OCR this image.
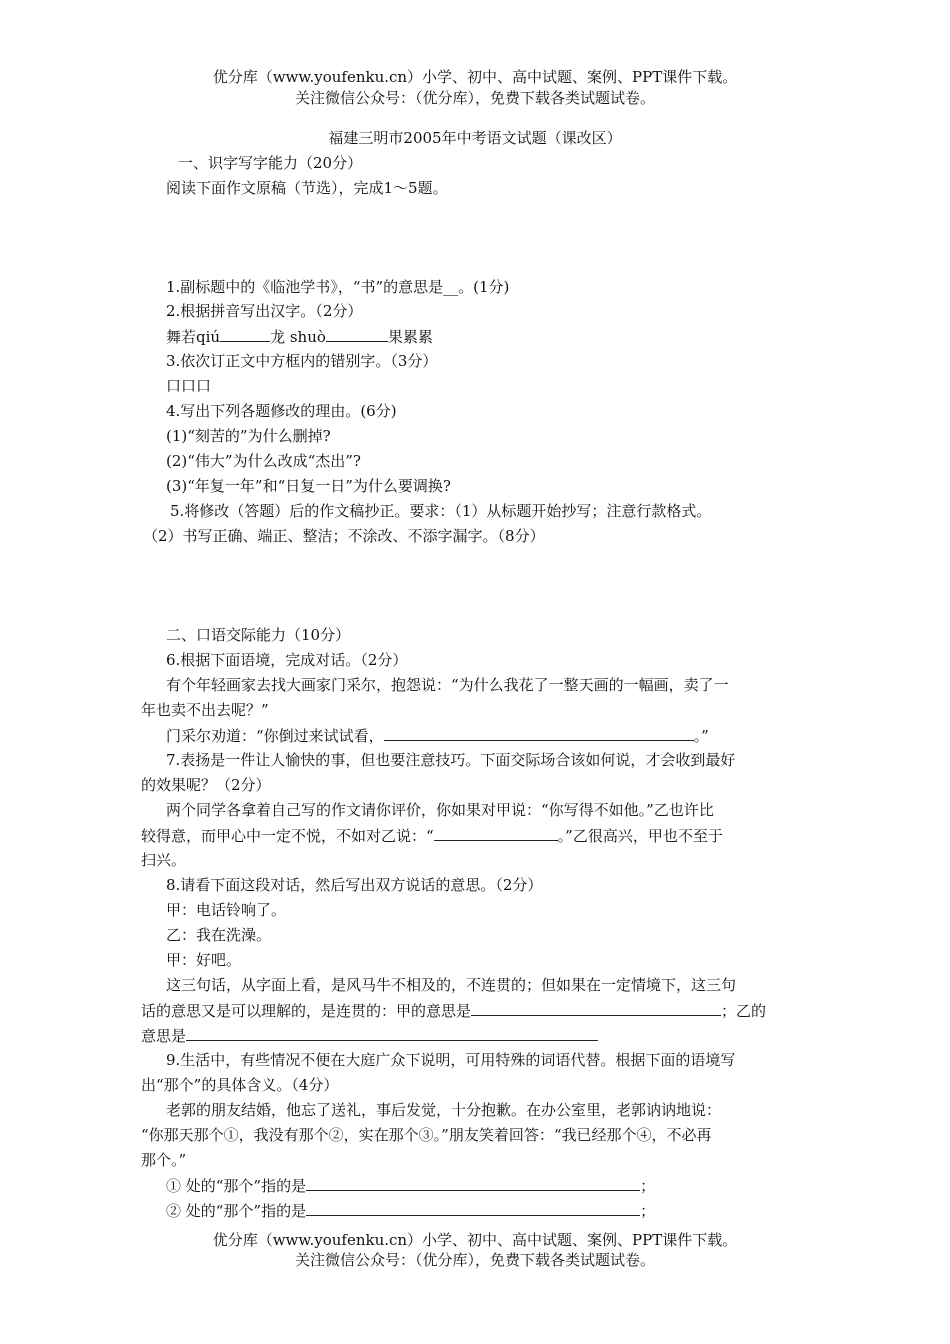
优分库（www.youfenku.cn）小学、初中、高中试题、案例、PPT课件下载。
关注微信公众号：（优分库），免费下载各类试题试卷。
福建三明市2005年中考语文试题（课改区）
一、识字写字能力（20分）
阅读下面作文原稿（节选），完成1～5题。
1.副标题中的《临池学书》，“书”的意思是__。(1分)
2.根据拼音写出汉字。（2分）
舞若qiú	龙 shuò	果累累
3.依次订正文中方框内的错别字。（3分）
口口口
4.写出下列各题修改的理由。(6分)
(1)“刻苦的”为什么删掉?
(2)“伟大”为什么改成“杰出”?
(3)“年复一年”和“日复一日”为什么要调换?
5.将修改（答题）后的作文稿抄正。要求：（1）从标题开始抄写；注意行款格式。
（2）书写正确、端正、整洁；不涂改、不添字漏字。（8分）
二、口语交际能力（10分）
6.根据下面语境，完成对话。（2分）
有个年轻画家去找大画家门采尔，抱怨说：“为什么我花了一整天画的一幅画，卖了一
年也卖不出去呢？”
门采尔劝道：“你倒过来试试看，	。”
7.表扬是一件让人愉快的事，但也要注意技巧。下面交际场合该如何说，才会收到最好
的效果呢？（2分）
两个同学各拿着自己写的作文请你评价，你如果对甲说：“你写得不如他。”乙也许比
较得意，而甲心中一定不悦，不如对乙说：“	。”乙很高兴，甲也不至于
扫兴。
8.请看下面这段对话，然后写出双方说话的意思。（2分）
甲：电话铃响了。
乙：我在洗澡。
甲：好吧。
这三句话，从字面上看，是风马牛不相及的，不连贯的；但如果在一定情境下，这三句
话的意思又是可以理解的，是连贯的：甲的意思是	；乙的
意思是
9.生活中，有些情况不便在大庭广众下说明，可用特殊的词语代替。根据下面的语境写
出“那个”的具体含义。（4分）
老郭的朋友结婚，他忘了送礼，事后发觉，十分抱歉。在办公室里，老郭讷讷地说：
“你那天那个①，我没有那个②，实在那个③。”朋友笑着回答：“我已经那个④，不必再
那个。”
① 处的“那个”指的是	；
② 处的“那个”指的是	；
优分库（www.youfenku.cn）小学、初中、高中试题、案例、PPT课件下载。
关注微信公众号：（优分库），免费下载各类试题试卷。
